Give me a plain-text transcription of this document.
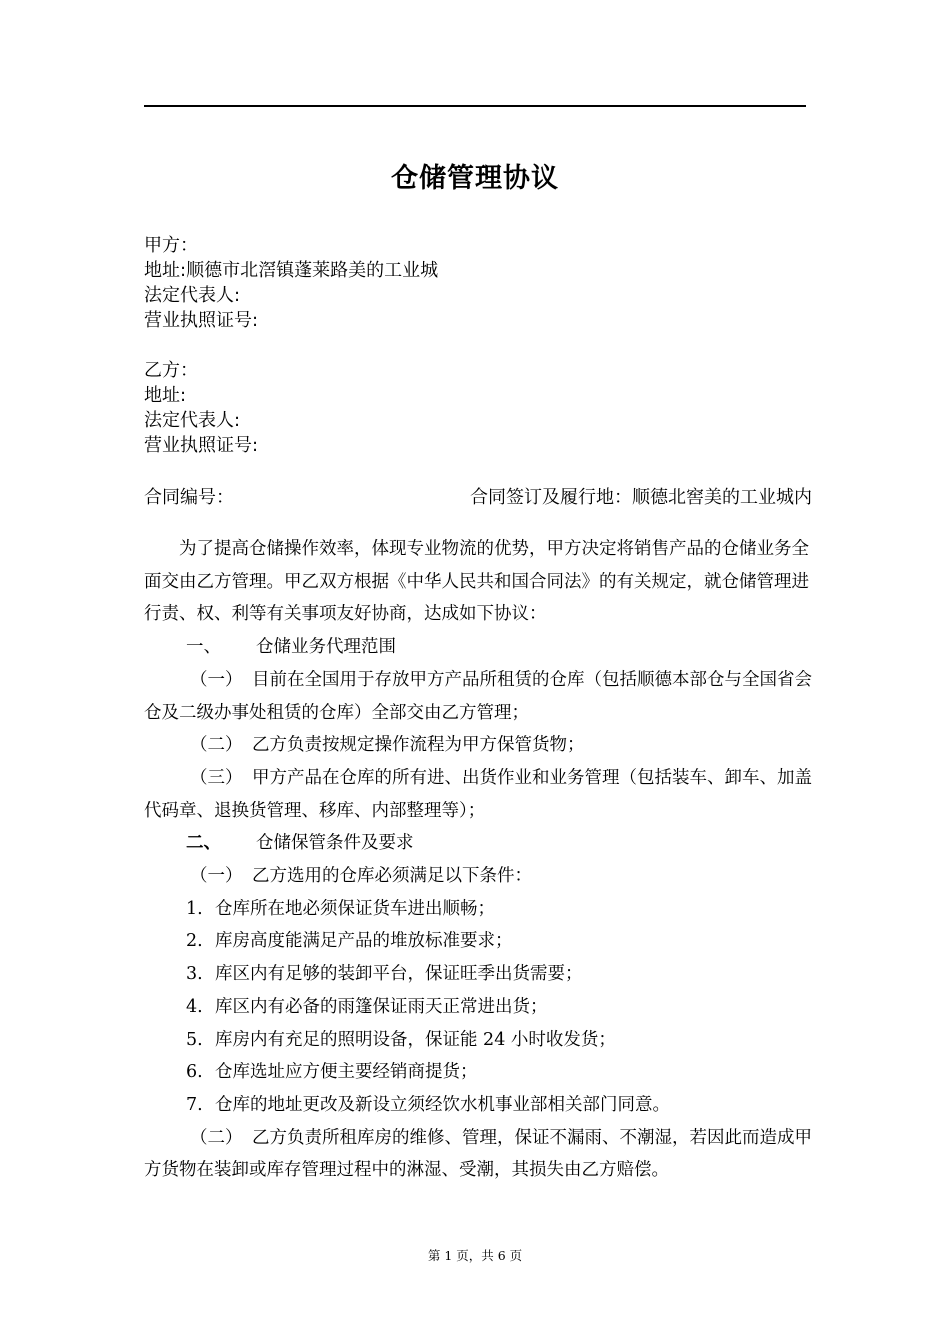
仓储管理协议
甲方：
地址:顺德市北滘镇蓬莱路美的工业城
法定代表人:
营业执照证号:
乙方：
地址:
法定代表人:
营业执照证号:
合同编号：	合同签订及履行地：顺德北窖美的工业城内

为了提高仓储操作效率，体现专业物流的优势，甲方决定将销售产品的仓储业务全面交由乙方管理。甲乙双方根据《中华人民共和国合同法》的有关规定，就仓储管理进行责、权、利等有关事项友好协商，达成如下协议：

一、 仓储业务代理范围

（一） 目前在全国用于存放甲方产品所租赁的仓库（包括顺德本部仓与全国省会仓及二级办事处租赁的仓库）全部交由乙方管理；

（二） 乙方负责按规定操作流程为甲方保管货物；

（三） 甲方产品在仓库的所有进、出货作业和业务管理（包括装车、卸车、加盖代码章、退换货管理、移库、内部整理等）；

二、 仓储保管条件及要求

（一） 乙方选用的仓库必须满足以下条件：

1. 仓库所在地必须保证货车进出顺畅；

2. 库房高度能满足产品的堆放标准要求；

3. 库区内有足够的装卸平台，保证旺季出货需要；

4. 库区内有必备的雨篷保证雨天正常进出货；

5. 库房内有充足的照明设备，保证能 24 小时收发货；

6. 仓库选址应方便主要经销商提货；

7. 仓库的地址更改及新设立须经饮水机事业部相关部门同意。

（二） 乙方负责所租库房的维修、管理，保证不漏雨、不潮湿，若因此而造成甲方货物在装卸或库存管理过程中的淋湿、受潮，其损失由乙方赔偿。

第 1 页，共 6 页
